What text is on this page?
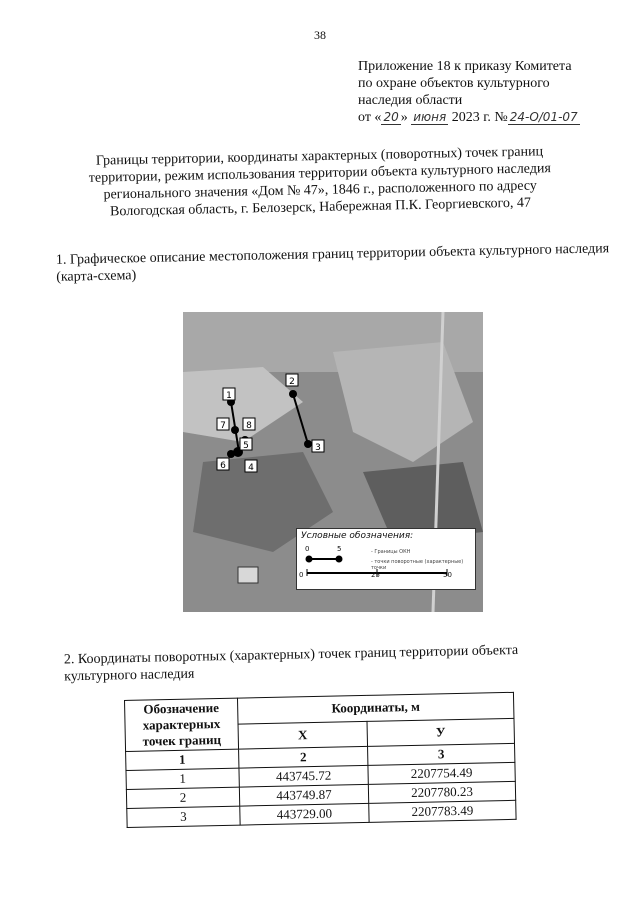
38
Приложение 18 к приказу Комитета
по охране объектов культурного
наследия области
от « 20 » июня 2023 г. № 24-О/01-07
Границы территории, координаты характерных (поворотных) точек границ территории, режим использования территории объекта культурного наследия регионального значения «Дом № 47», 1846 г., расположенного по адресу Вологодская область, г. Белозерск, Набережная П.К. Георгиевского, 47
1. Графическое описание местоположения границ территории объекта культурного наследия (карта-схема)
2
1
3
4
5
6
7 8
Условные обозначения:
0	5	- Границы ОКН
- точки поворотные (характерные) точки
0	25	50
2. Координаты поворотных (характерных) точек границ территории объекта культурного наследия
Обозначение характерных точек границ	Координаты, м	
	X	У
1	2	3
1	443745.72	2207754.49
2	443749.87	2207780.23
3	443729.00	2207783.49
